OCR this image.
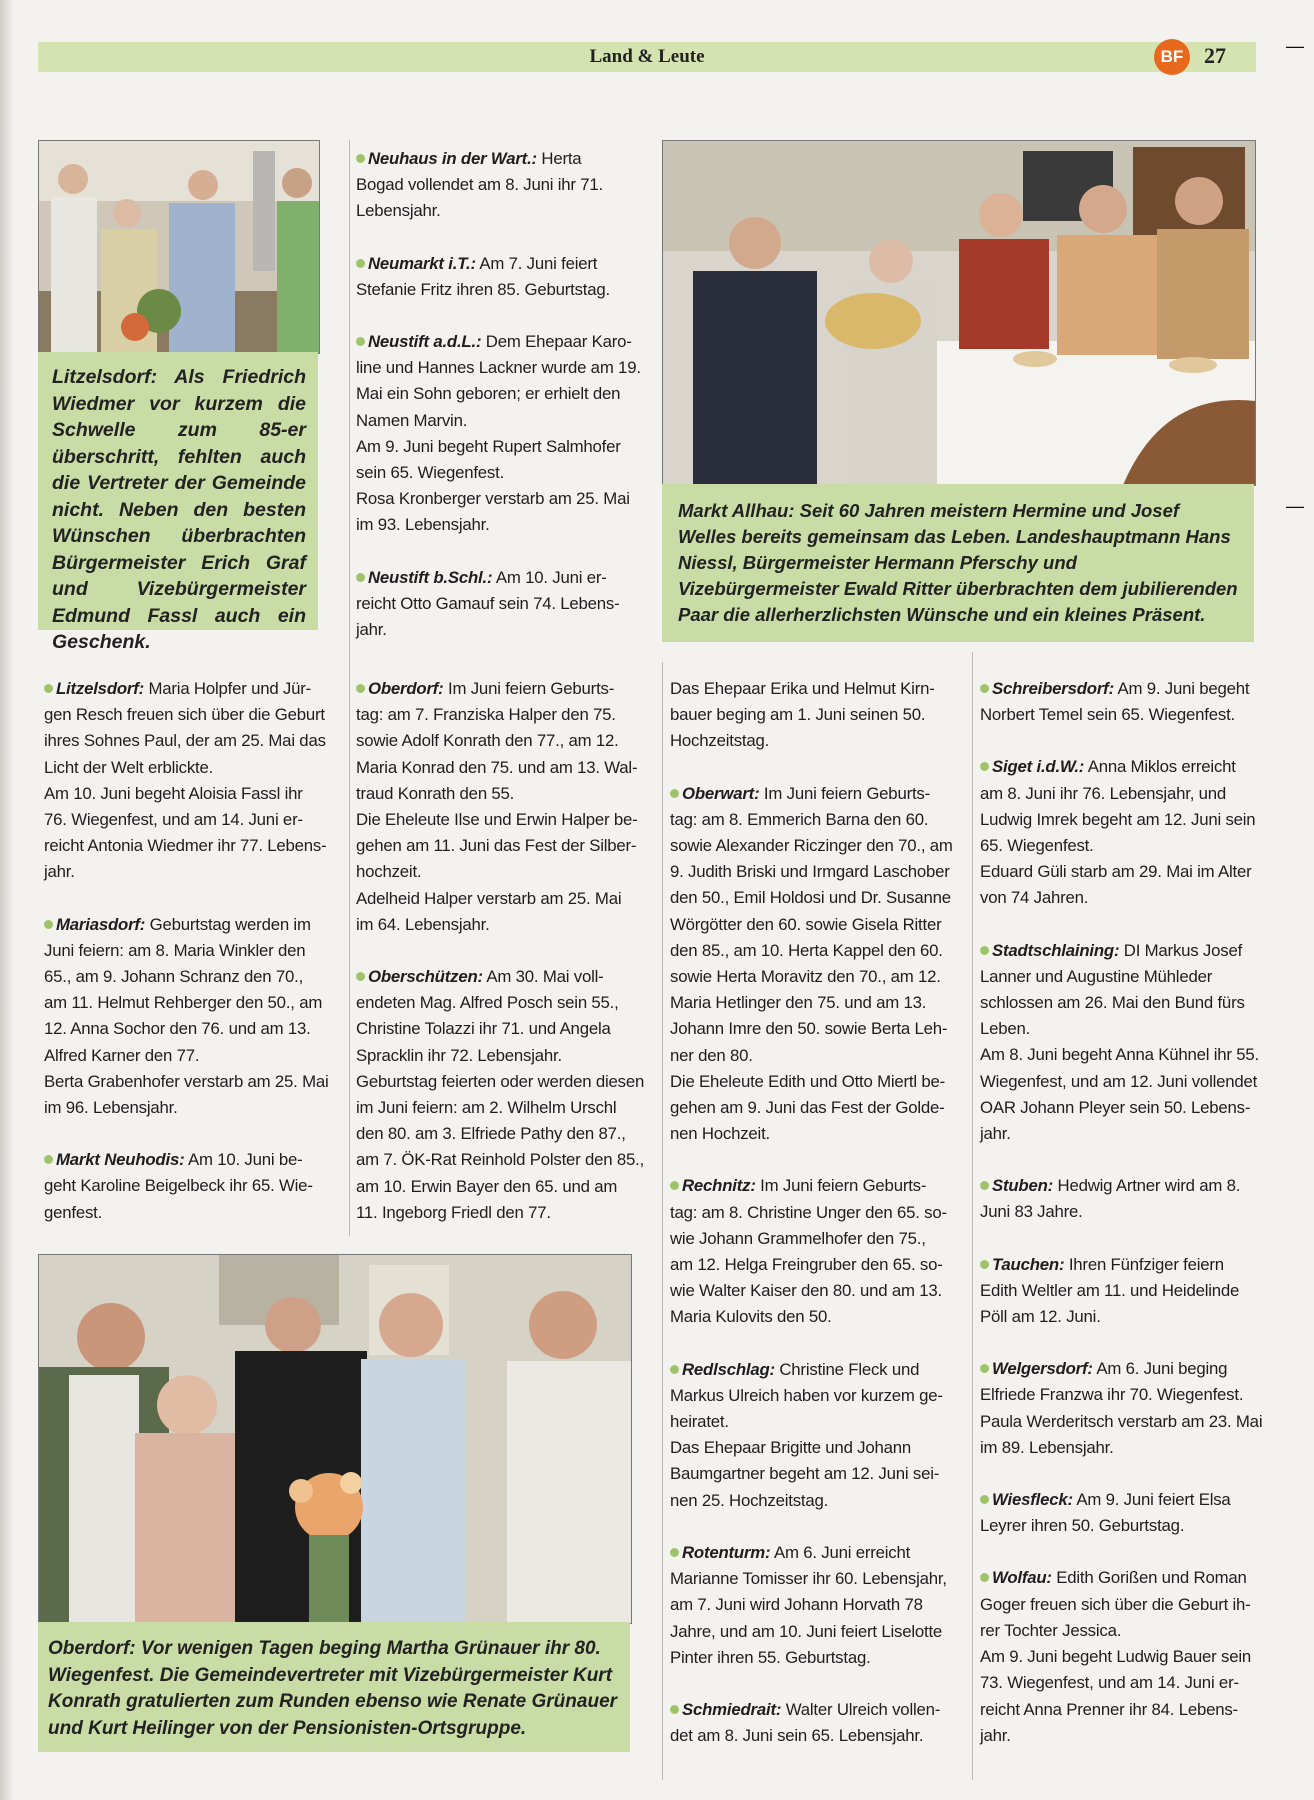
Land & Leute	BF 27	—
—
Litzelsdorf: Als Friedrich Wiedmer vor kurzem die Schwelle zum 85-er überschritt, fehlten auch die Vertreter der Gemeinde nicht. Neben den besten Wünschen überbrachten Bürgermeister Erich Graf und Vizebürgermeister Edmund Fassl auch ein Geschenk.
Markt Allhau: Seit 60 Jahren meistern Hermine und Josef Welles bereits gemeinsam das Leben. Landeshauptmann Hans Niessl, Bürgermeister Hermann Pferschy und Vizebürgermeister Ewald Ritter überbrachten dem jubilierenden Paar die allerherzlichsten Wünsche und ein kleines Präsent.
Oberdorf: Vor wenigen Tagen beging Martha Grünauer ihr 80. Wiegenfest. Die Gemeindevertreter mit Vizebürgermeister Kurt Konrath gratulierten zum Runden ebenso wie Renate Grünauer und Kurt Heilinger von der Pensionisten-Ortsgruppe.

Litzelsdorf: Maria Holpfer und Jür-
gen Resch freuen sich über die Geburt
ihres Sohnes Paul, der am 25. Mai das
Licht der Welt erblickte.
Am 10. Juni begeht Aloisia Fassl ihr
76. Wiegenfest, und am 14. Juni er-
reicht Antonia Wiedmer ihr 77. Lebens-
jahr.

Mariasdorf: Geburtstag werden im
Juni feiern: am 8. Maria Winkler den
65., am 9. Johann Schranz den 70.,
am 11. Helmut Rehberger den 50., am
12. Anna Sochor den 76. und am 13.
Alfred Karner den 77.
Berta Grabenhofer verstarb am 25. Mai
im 96. Lebensjahr.

Markt Neuhodis: Am 10. Juni be-
geht Karoline Beigelbeck ihr 65. Wie-
genfest.

Neuhaus in der Wart.: Herta
Bogad vollendet am 8. Juni ihr 71.
Lebensjahr.

Neumarkt i.T.: Am 7. Juni feiert
Stefanie Fritz ihren 85. Geburtstag.

Neustift a.d.L.: Dem Ehepaar Karo-
line und Hannes Lackner wurde am 19.
Mai ein Sohn geboren; er erhielt den
Namen Marvin.
Am 9. Juni begeht Rupert Salmhofer
sein 65. Wiegenfest.
Rosa Kronberger verstarb am 25. Mai
im 93. Lebensjahr.

Neustift b.Schl.: Am 10. Juni er-
reicht Otto Gamauf sein 74. Lebens-
jahr.

Oberdorf: Im Juni feiern Geburts-
tag: am 7. Franziska Halper den 75.
sowie Adolf Konrath den 77., am 12.
Maria Konrad den 75. und am 13. Wal-
traud Konrath den 55.
Die Eheleute Ilse und Erwin Halper be-
gehen am 11. Juni das Fest der Silber-
hochzeit.
Adelheid Halper verstarb am 25. Mai
im 64. Lebensjahr.

Oberschützen: Am 30. Mai voll-
endeten Mag. Alfred Posch sein 55.,
Christine Tolazzi ihr 71. und Angela
Spracklin ihr 72. Lebensjahr.
Geburtstag feierten oder werden diesen
im Juni feiern: am 2. Wilhelm Urschl
den 80. am 3. Elfriede Pathy den 87.,
am 7. ÖK-Rat Reinhold Polster den 85.,
am 10. Erwin Bayer den 65. und am
11. Ingeborg Friedl den 77.

Das Ehepaar Erika und Helmut Kirn-
bauer beging am 1. Juni seinen 50.
Hochzeitstag.

Oberwart: Im Juni feiern Geburts-
tag: am 8. Emmerich Barna den 60.
sowie Alexander Riczinger den 70., am
9. Judith Briski und Irmgard Laschober
den 50., Emil Holdosi und Dr. Susanne
Wörgötter den 60. sowie Gisela Ritter
den 85., am 10. Herta Kappel den 60.
sowie Herta Moravitz den 70., am 12.
Maria Hetlinger den 75. und am 13.
Johann Imre den 50. sowie Berta Leh-
ner den 80.
Die Eheleute Edith und Otto Miertl be-
gehen am 9. Juni das Fest der Golde-
nen Hochzeit.

Rechnitz: Im Juni feiern Geburts-
tag: am 8. Christine Unger den 65. so-
wie Johann Grammelhofer den 75.,
am 12. Helga Freingruber den 65. so-
wie Walter Kaiser den 80. und am 13.
Maria Kulovits den 50.

Redlschlag: Christine Fleck und
Markus Ulreich haben vor kurzem ge-
heiratet.
Das Ehepaar Brigitte und Johann
Baumgartner begeht am 12. Juni sei-
nen 25. Hochzeitstag.

Rotenturm: Am 6. Juni erreicht
Marianne Tomisser ihr 60. Lebensjahr,
am 7. Juni wird Johann Horvath 78
Jahre, und am 10. Juni feiert Liselotte
Pinter ihren 55. Geburtstag.

Schmiedrait: Walter Ulreich vollen-
det am 8. Juni sein 65. Lebensjahr.

Schreibersdorf: Am 9. Juni begeht
Norbert Temel sein 65. Wiegenfest.

Siget i.d.W.: Anna Miklos erreicht
am 8. Juni ihr 76. Lebensjahr, und
Ludwig Imrek begeht am 12. Juni sein
65. Wiegenfest.
Eduard Güli starb am 29. Mai im Alter
von 74 Jahren.

Stadtschlaining: DI Markus Josef
Lanner und Augustine Mühleder
schlossen am 26. Mai den Bund fürs
Leben.
Am 8. Juni begeht Anna Kühnel ihr 55.
Wiegenfest, und am 12. Juni vollendet
OAR Johann Pleyer sein 50. Lebens-
jahr.

Stuben: Hedwig Artner wird am 8.
Juni 83 Jahre.

Tauchen: Ihren Fünfziger feiern
Edith Weltler am 11. und Heidelinde
Pöll am 12. Juni.

Welgersdorf: Am 6. Juni beging
Elfriede Franzwa ihr 70. Wiegenfest.
Paula Werderitsch verstarb am 23. Mai
im 89. Lebensjahr.

Wiesfleck: Am 9. Juni feiert Elsa
Leyrer ihren 50. Geburtstag.

Wolfau: Edith Gorißen und Roman
Goger freuen sich über die Geburt ih-
rer Tochter Jessica.
Am 9. Juni begeht Ludwig Bauer sein
73. Wiegenfest, und am 14. Juni er-
reicht Anna Prenner ihr 84. Lebens-
jahr.
